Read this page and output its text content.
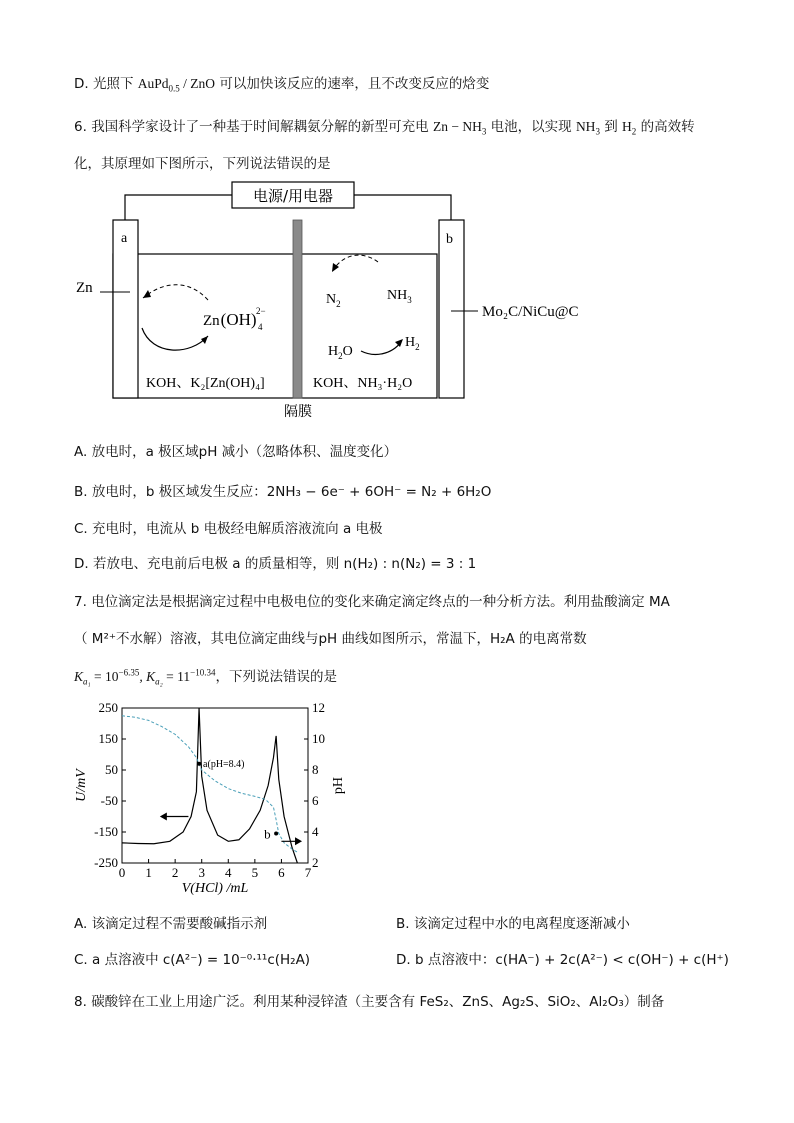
D. 光照下 AuPd$_{0.5}$ / ZnO 可以加快该反应的速率，且不改变反应的焓变
6. 我国科学家设计了一种基于时间解耦氨分解的新型可充电 $Zn - NH_3$ 电池，以实现 $NH_3$ 到 $H_2$ 的高效转
化，其原理如下图所示，下列说法错误的是
电源/用电器
a	b
隔膜
Zn
Mo₂C/NiCu@C
Zn(OH) 2−
4
$N_2$
$NH_3$
$H_2O$
$H_2$
KOH、K₂[Zn(OH)₄]	KOH、NH₃·H₂O
A. 放电时，a 极区域pH 减小（忽略体积、温度变化）
B. 放电时，b 极区域发生反应：2NH₃ − 6e⁻ + 6OH⁻ = N₂ + 6H₂O
C. 充电时，电流从 b 电极经电解质溶液流向 a 电极
D. 若放电、充电前后电极 a 的质量相等，则 n(H₂) : n(N₂) = 3 : 1
7. 电位滴定法是根据滴定过程中电极电位的变化来确定滴定终点的一种分析方法。利用盐酸滴定 MA
（ M²⁺不水解）溶液，其电位滴定曲线与pH 曲线如图所示，常温下，H₂A 的电离常数
$K_{a_1} = 10^{-6.35}$, $K_{a_2} = 11^{-10.34}$，下列说法错误的是
0 1 2 3 4 5 6 7
250
150
50
-50
-150
-250
12
10
8
6
4
2
V(HCl) /mL
U/mV	pH
a(pH=8.4)
b
A. 该滴定过程不需要酸碱指示剂	B. 该滴定过程中水的电离程度逐渐减小
C. a 点溶液中 c(A²⁻) = 10⁻⁰·¹¹c(H₂A)	D. b 点溶液中：c(HA⁻) + 2c(A²⁻) < c(OH⁻) + c(H⁺)
8. 碳酸锌在工业上用途广泛。利用某种浸锌渣（主要含有 FeS₂、ZnS、Ag₂S、SiO₂、Al₂O₃）制备
